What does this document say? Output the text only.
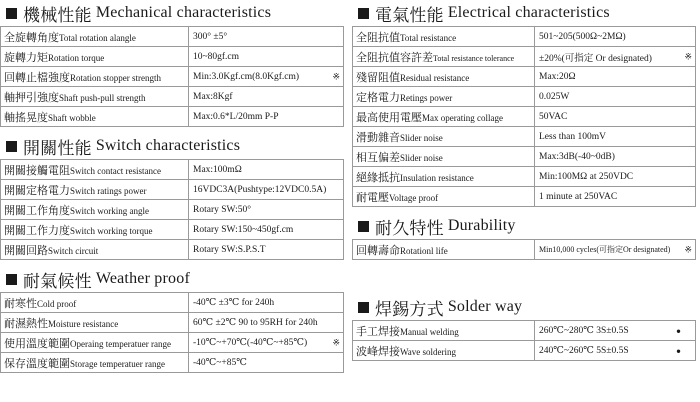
機械性能 Mechanical characteristics
全旋轉角度Total rotation alangle	300° ±5°
旋轉力矩Rotation torque	10~80gf.cm
回轉止檔強度Rotation stopper strength	Min:3.0Kgf.cm(8.0Kgf.cm) ※

軸押引強度Shaft push-pull strength	Max:8Kgf
軸搖晃度Shaft wobble	Max:0.6*L/20mm P-P
開關性能 Switch characteristics
開關接觸電阻Switch contact resistance	Max:100mΩ
開關定格電力Switch ratings power	16VDC3A(Pushtype:12VDC0.5A)
開關工作角度Switch working angle	Rotary SW:50°
開關工作力度Switch working torque	Rotary SW:150~450gf.cm
開關回路Switch circuit	Rotary SW:S.P.S.T
耐氣候性 Weather proof
耐寒性Cold proof	-40℃ ±3℃ for 240h
耐濕熱性Moisture resistance	60℃ ±2℃ 90 to 95RH for 240h
使用溫度範圍Operaing temperatuer range	-10℃~+70℃(-40℃~+85℃) ※

保存溫度範圍Storage temperatuer range	-40℃~+85℃
電氣性能 Electrical characteristics
全阻抗值Total resistance	501~205(500Ω~2MΩ)
全阻抗值容許差Total resistance tolerance	±20%(可指定 Or designated) ※

殘留阻值Residual resistance	Max:20Ω
定格電力Retings power	0.025W
最高使用電壓Max operating collage	50VAC
滑動雜音Slider noise	Less than 100mV
相互偏差Slider noise	Max:3dB(-40~0dB)
絕緣抵抗Insulation resistance	Min:100MΩ at 250VDC
耐電壓Voltage proof	1 minute at 250VAC
耐久特性 Durability
回轉壽命Rotationl life	Min10,000 cycles(可指定Or designated) ※
焊錫方式 Solder way
手工焊接Manual welding	260℃~280℃ 3S±0.5S ●

波峰焊接Wave soldering	240℃~260℃ 5S±0.5S ●
